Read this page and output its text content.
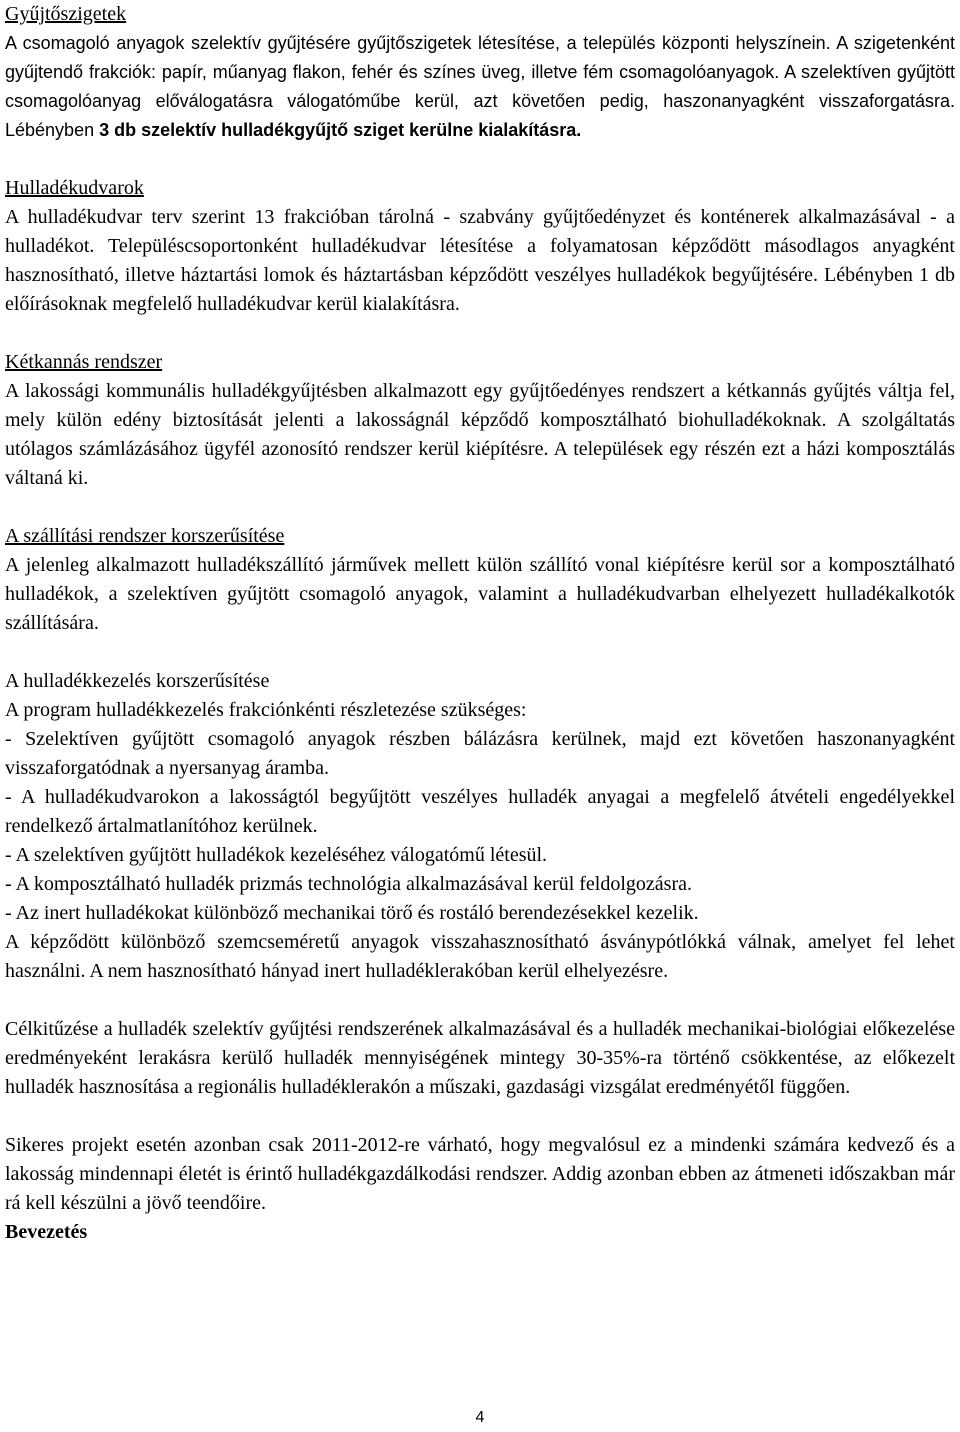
Gyűjtőszigetek

A csomagoló anyagok szelektív gyűjtésére gyűjtőszigetek létesítése, a település központi helyszínein. A szigetenként gyűjtendő frakciók: papír, műanyag flakon, fehér és színes üveg, illetve fém csomagolóanyagok. A szelektíven gyűjtött csomagolóanyag előválogatásra válogatóműbe kerül, azt követően pedig, haszonanyagként visszaforgatásra. Lébényben 3 db szelektív hulladékgyűjtő sziget kerülne kialakításra.

Hulladékudvarok

A hulladékudvar terv szerint 13 frakcióban tárolná - szabvány gyűjtőedényzet és konténerek alkalmazásával - a hulladékot. Településcsoportonként hulladékudvar létesítése a folyamatosan képződött másodlagos anyagként hasznosítható, illetve háztartási lomok és háztartásban képződött veszélyes hulladékok begyűjtésére. Lébényben 1 db előírásoknak megfelelő hulladékudvar kerül kialakításra.

Kétkannás rendszer

A lakossági kommunális hulladékgyűjtésben alkalmazott egy gyűjtőedényes rendszert a kétkannás gyűjtés váltja fel, mely külön edény biztosítását jelenti a lakosságnál képződő komposztálható biohulladékoknak. A szolgáltatás utólagos számlázásához ügyfél azonosító rendszer kerül kiépítésre. A települések egy részén ezt a házi komposztálás váltaná ki.

A szállítási rendszer korszerűsítése

A jelenleg alkalmazott hulladékszállító járművek mellett külön szállító vonal kiépítésre kerül sor a komposztálható hulladékok, a szelektíven gyűjtött csomagoló anyagok, valamint a hulladékudvarban elhelyezett hulladékalkotók szállítására.

A hulladékkezelés korszerűsítése

A program hulladékkezelés frakciónkénti részletezése szükséges:

- Szelektíven gyűjtött csomagoló anyagok részben bálázásra kerülnek, majd ezt követően haszonanyagként visszaforgatódnak a nyersanyag áramba.

- A hulladékudvarokon a lakosságtól begyűjtött veszélyes hulladék anyagai a megfelelő átvételi engedélyekkel rendelkező ártalmatlanítóhoz kerülnek.

- A szelektíven gyűjtött hulladékok kezeléséhez válogatómű létesül.

- A komposztálható hulladék prizmás technológia alkalmazásával kerül feldolgozásra.

- Az inert hulladékokat különböző mechanikai törő és rostáló berendezésekkel kezelik.

A képződött különböző szemcseméretű anyagok visszahasznosítható ásványpótlókká válnak, amelyet fel lehet használni. A nem hasznosítható hányad inert hulladéklerakóban kerül elhelyezésre.

Célkitűzése a hulladék szelektív gyűjtési rendszerének alkalmazásával és a hulladék mechanikai-biológiai előkezelése eredményeként lerakásra kerülő hulladék mennyiségének mintegy 30-35%-ra történő csökkentése, az előkezelt hulladék hasznosítása a regionális hulladéklerakón a műszaki, gazdasági vizsgálat eredményétől függően.

Sikeres projekt esetén azonban csak 2011-2012-re várható, hogy megvalósul ez a mindenki számára kedvező és a lakosság mindennapi életét is érintő hulladékgazdálkodási rendszer. Addig azonban ebben az átmeneti időszakban már rá kell készülni a jövő teendőire.

Bevezetés
4
